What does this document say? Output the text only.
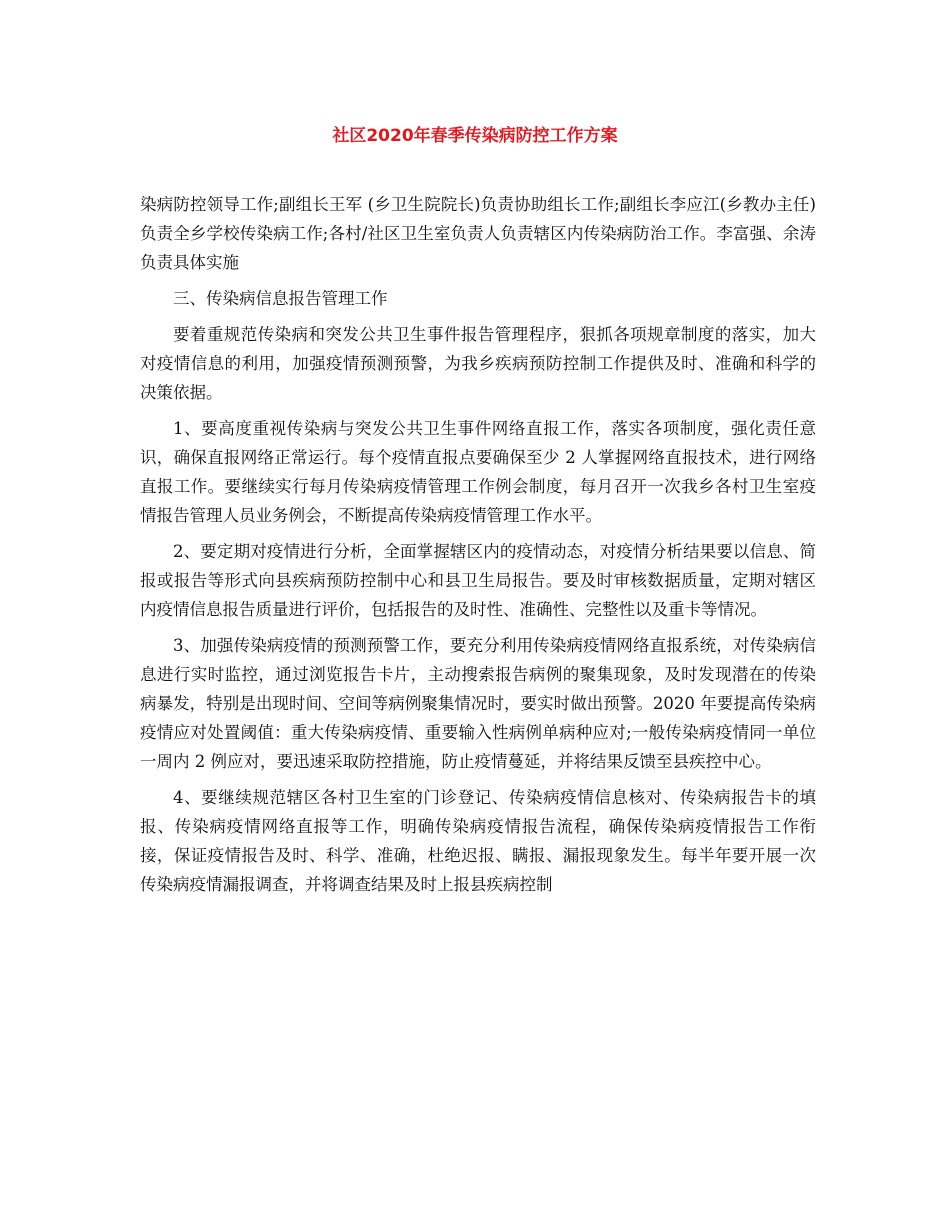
社区2020年春季传染病防控工作方案

染病防控领导工作;副组长王军 (乡卫生院院长)负责协助组长工作;副组长李应江(乡教办主任)负责全乡学校传染病工作;各村/社区卫生室负责人负责辖区内传染病防治工作。李富强、余涛负责具体实施

三、传染病信息报告管理工作

要着重规范传染病和突发公共卫生事件报告管理程序，狠抓各项规章制度的落实，加大对疫情信息的利用，加强疫情预测预警，为我乡疾病预防控制工作提供及时、准确和科学的决策依据。

1、要高度重视传染病与突发公共卫生事件网络直报工作，落实各项制度，强化责任意识，确保直报网络正常运行。每个疫情直报点要确保至少 2 人掌握网络直报技术，进行网络直报工作。要继续实行每月传染病疫情管理工作例会制度，每月召开一次我乡各村卫生室疫情报告管理人员业务例会，不断提高传染病疫情管理工作水平。

2、要定期对疫情进行分析，全面掌握辖区内的疫情动态，对疫情分析结果要以信息、简报或报告等形式向县疾病预防控制中心和县卫生局报告。要及时审核数据质量，定期对辖区内疫情信息报告质量进行评价，包括报告的及时性、准确性、完整性以及重卡等情况。

3、加强传染病疫情的预测预警工作，要充分利用传染病疫情网络直报系统，对传染病信息进行实时监控，通过浏览报告卡片，主动搜索报告病例的聚集现象，及时发现潜在的传染病暴发，特别是出现时间、空间等病例聚集情况时，要实时做出预警。2020 年要提高传染病疫情应对处置阈值：重大传染病疫情、重要输入性病例单病种应对;一般传染病疫情同一单位一周内 2 例应对，要迅速采取防控措施，防止疫情蔓延，并将结果反馈至县疾控中心。

4、要继续规范辖区各村卫生室的门诊登记、传染病疫情信息核对、传染病报告卡的填报、传染病疫情网络直报等工作，明确传染病疫情报告流程，确保传染病疫情报告工作衔接，保证疫情报告及时、科学、准确，杜绝迟报、瞒报、漏报现象发生。每半年要开展一次传染病疫情漏报调查，并将调查结果及时上报县疾病控制
